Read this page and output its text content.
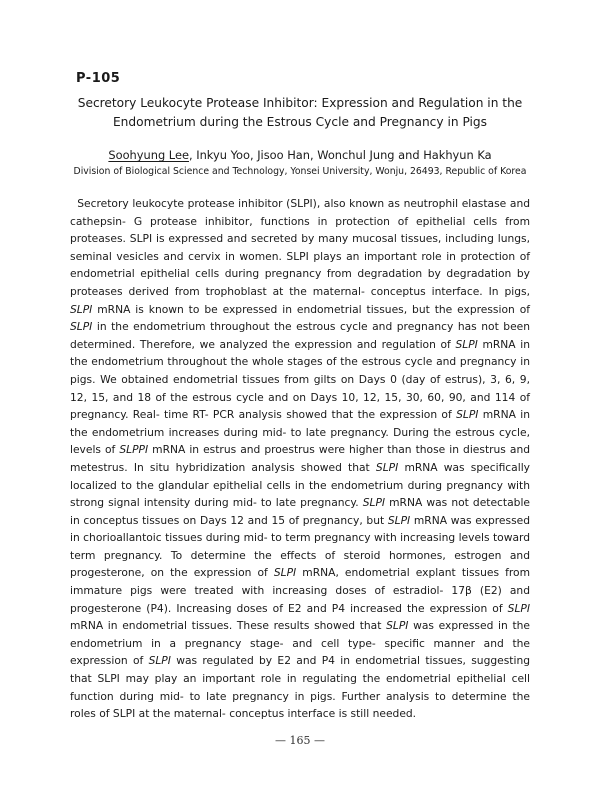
P-105
Secretory Leukocyte Protease Inhibitor: Expression and Regulation in the Endometrium during the Estrous Cycle and Pregnancy in Pigs
Soohyung Lee, Inkyu Yoo, Jisoo Han, Wonchul Jung and Hakhyun Ka
Division of Biological Science and Technology, Yonsei University, Wonju, 26493, Republic of Korea
Secretory leukocyte protease inhibitor (SLPI), also known as neutrophil elastase and cathepsin- G protease inhibitor, functions in protection of epithelial cells from proteases. SLPI is expressed and secreted by many mucosal tissues, including lungs, seminal vesicles and cervix in women. SLPI plays an important role in protection of endometrial epithelial cells during pregnancy from degradation by degradation by proteases derived from trophoblast at the maternal- conceptus interface. In pigs, SLPI mRNA is known to be expressed in endometrial tissues, but the expression of SLPI in the endometrium throughout the estrous cycle and pregnancy has not been determined. Therefore, we analyzed the expression and regulation of SLPI mRNA in the endometrium throughout the whole stages of the estrous cycle and pregnancy in pigs. We obtained endometrial tissues from gilts on Days 0 (day of estrus), 3, 6, 9, 12, 15, and 18 of the estrous cycle and on Days 10, 12, 15, 30, 60, 90, and 114 of pregnancy. Real- time RT- PCR analysis showed that the expression of SLPI mRNA in the endometrium increases during mid- to late pregnancy. During the estrous cycle, levels of SLPPI mRNA in estrus and proestrus were higher than those in diestrus and metestrus. In situ hybridization analysis showed that SLPI mRNA was specifically localized to the glandular epithelial cells in the endometrium during pregnancy with strong signal intensity during mid- to late pregnancy. SLPI mRNA was not detectable in conceptus tissues on Days 12 and 15 of pregnancy, but SLPI mRNA was expressed in chorioallantoic tissues during mid- to term pregnancy with increasing levels toward term pregnancy. To determine the effects of steroid hormones, estrogen and progesterone, on the expression of SLPI mRNA, endometrial explant tissues from immature pigs were treated with increasing doses of estradiol- 17β (E2) and progesterone (P4). Increasing doses of E2 and P4 increased the expression of SLPI mRNA in endometrial tissues. These results showed that SLPI was expressed in the endometrium in a pregnancy stage- and cell type- specific manner and the expression of SLPI was regulated by E2 and P4 in endometrial tissues, suggesting that SLPI may play an important role in regulating the endometrial epithelial cell function during mid- to late pregnancy in pigs. Further analysis to determine the roles of SLPI at the maternal- conceptus interface is still needed.
— 165 —
